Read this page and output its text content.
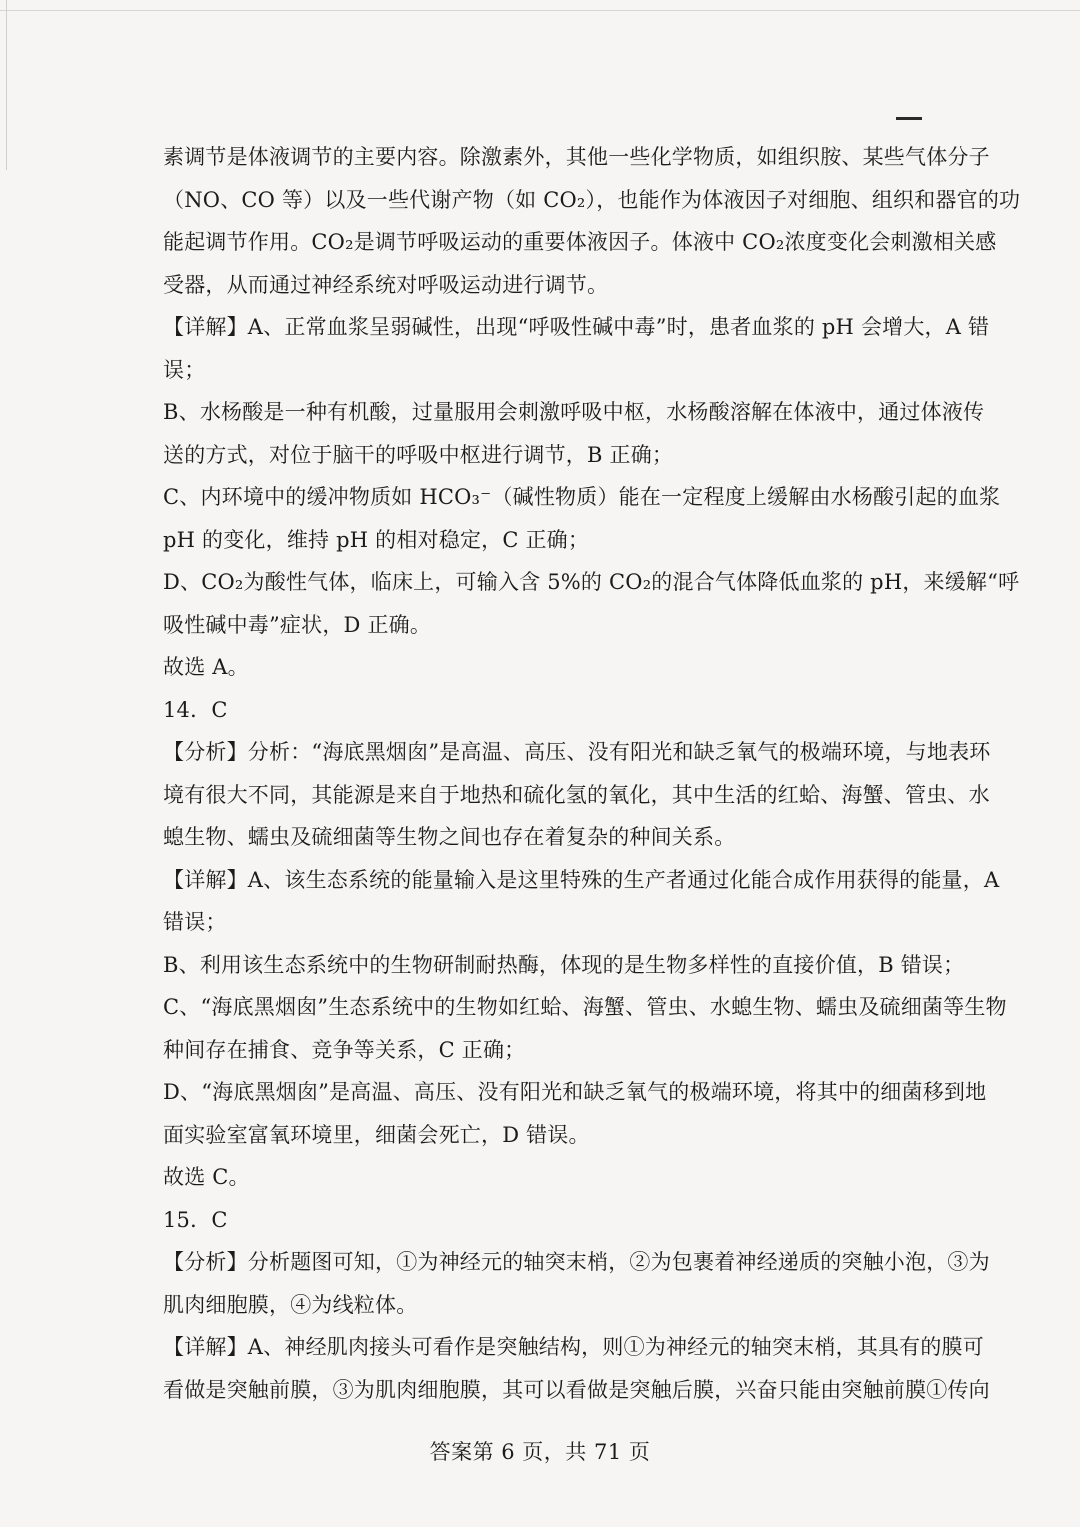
素调节是体液调节的主要内容。除激素外，其他一些化学物质，如组织胺、某些气体分子
（NO、CO 等）以及一些代谢产物（如 CO₂），也能作为体液因子对细胞、组织和器官的功
能起调节作用。CO₂是调节呼吸运动的重要体液因子。体液中 CO₂浓度变化会刺激相关感
受器，从而通过神经系统对呼吸运动进行调节。
【详解】A、正常血浆呈弱碱性，出现“呼吸性碱中毒”时，患者血浆的 pH 会增大，A 错
误；
B、水杨酸是一种有机酸，过量服用会刺激呼吸中枢，水杨酸溶解在体液中，通过体液传
送的方式，对位于脑干的呼吸中枢进行调节，B 正确；
C、内环境中的缓冲物质如 HCO₃⁻（碱性物质）能在一定程度上缓解由水杨酸引起的血浆
pH 的变化，维持 pH 的相对稳定，C 正确；
D、CO₂为酸性气体，临床上，可输入含 5%的 CO₂的混合气体降低血浆的 pH，来缓解“呼
吸性碱中毒”症状，D 正确。
故选 A。
14．C
【分析】分析：“海底黑烟囱”是高温、高压、没有阳光和缺乏氧气的极端环境，与地表环
境有很大不同，其能源是来自于地热和硫化氢的氧化，其中生活的红蛤、海蟹、管虫、水
螅生物、蠕虫及硫细菌等生物之间也存在着复杂的种间关系。
【详解】A、该生态系统的能量输入是这里特殊的生产者通过化能合成作用获得的能量，A
错误；
B、利用该生态系统中的生物研制耐热酶，体现的是生物多样性的直接价值，B 错误；
C、“海底黑烟囱”生态系统中的生物如红蛤、海蟹、管虫、水螅生物、蠕虫及硫细菌等生物
种间存在捕食、竞争等关系，C 正确；
D、“海底黑烟囱”是高温、高压、没有阳光和缺乏氧气的极端环境，将其中的细菌移到地
面实验室富氧环境里，细菌会死亡，D 错误。
故选 C。
15．C
【分析】分析题图可知，①为神经元的轴突末梢，②为包裹着神经递质的突触小泡，③为
肌肉细胞膜，④为线粒体。
【详解】A、神经肌肉接头可看作是突触结构，则①为神经元的轴突末梢，其具有的膜可
看做是突触前膜，③为肌肉细胞膜，其可以看做是突触后膜，兴奋只能由突触前膜①传向
答案第 6 页，共 71 页
